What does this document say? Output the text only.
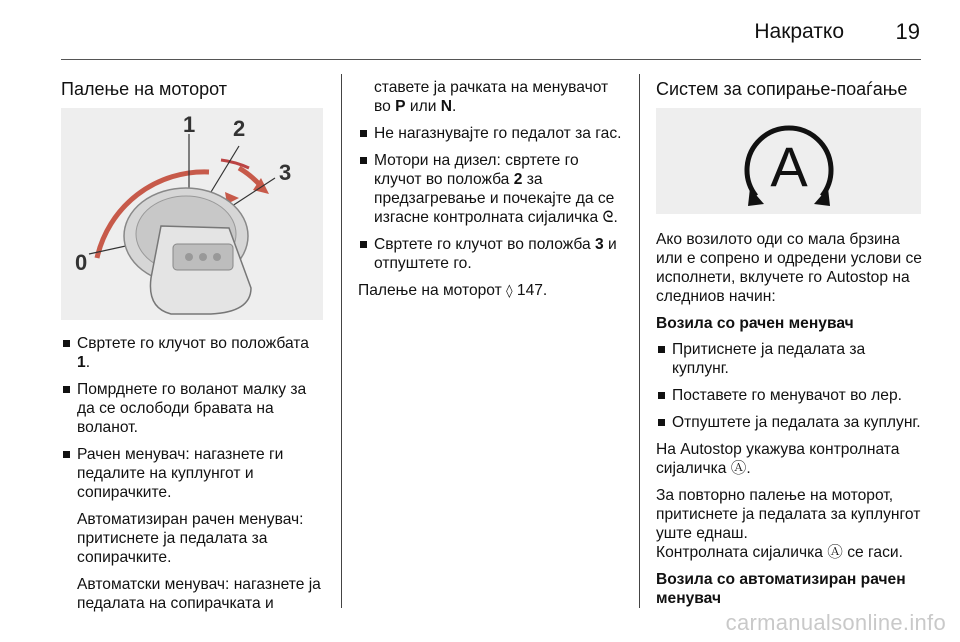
Накратко 19
Палење на моторот
1 2
3
0
Свртете го клучот во положбата 1.
Помрднете го воланот малку за да се ослободи бравата на воланот.
Рачен менувач: нагазнете ги педалите на куплунгот и сопирачките.
Автоматизиран рачен менувач: притиснете ја педалата за сопирачките.
Автоматски менувач: нагазнете ја педалата на сопирачката и
ставете ја рачката на менувачот во P или N.
Не нагазнувајте го педалот за гас.
Мотори на дизел: свртете го клучот во положба 2 за предзагревање и почекајте да се изгасне контролната сијаличка ᘓ.
Свртете го клучот во положба 3 и отпуштете го.
Палење на моторот ◊ 147.
Систем за сопирање-поаѓање
A
Ако возилото оди со мала брзина или е сопрено и одредени услови се исполнети, вклучете го Autostop на следниов начин:
Возила со рачен менувач
Притиснете ја педалата за куплунг.
Поставете го менувачот во лер.
Отпуштете ја педалата за куплунг.
На Autostop укажува контролната сијаличка Ⓐ.
За повторно палење на моторот, притиснете ја педалата за куплунгот уште еднаш.
Контролната сијаличка Ⓐ се гаси.
Возила со автоматизиран рачен менувач
carmanualsonline.info
